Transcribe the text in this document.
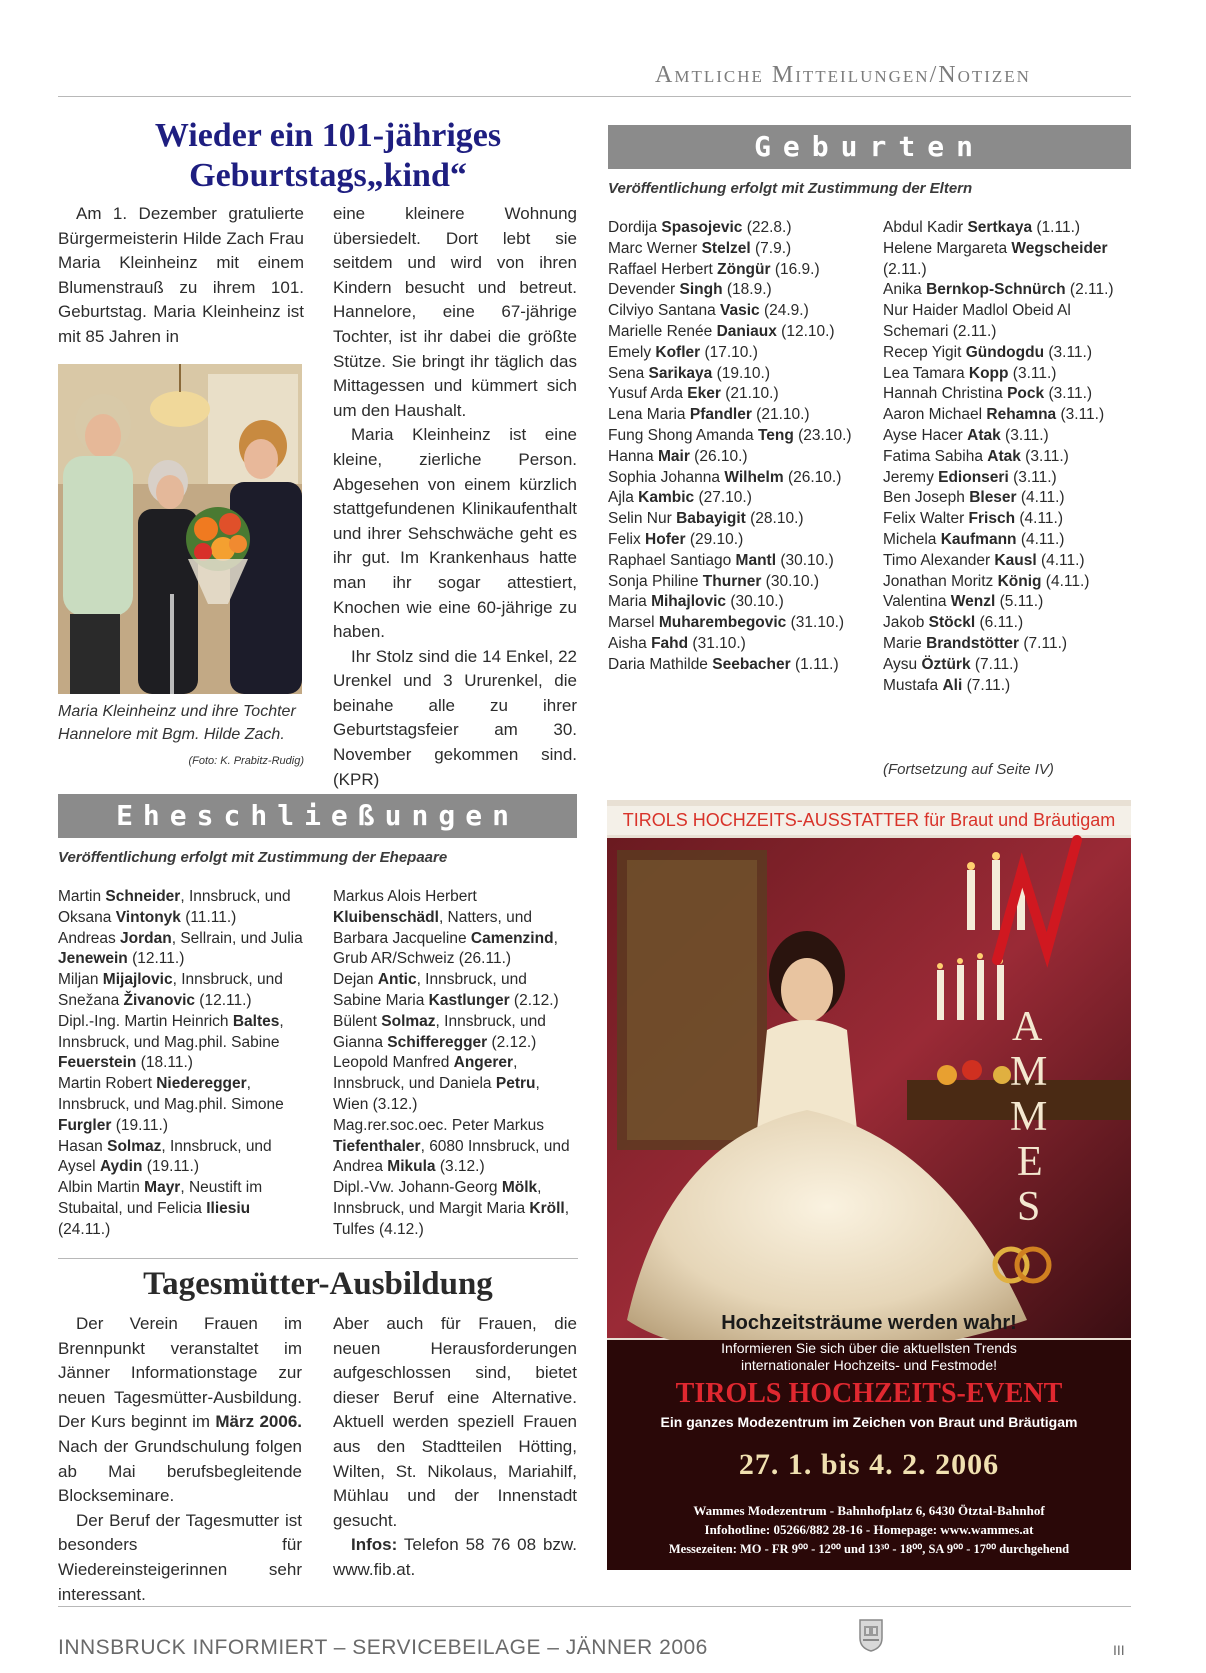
Amtliche Mitteilungen/Notizen
Wieder ein 101-jähriges
Geburtstags„kind“

Am 1. Dezember gratulierte Bürgermeisterin Hilde Zach Frau Maria Kleinheinz mit einem Blumenstrauß zu ihrem 101. Geburtstag. Maria Kleinheinz ist mit 85 Jahren in

Maria Kleinheinz und ihre Tochter Hannelore mit Bgm. Hilde Zach.
(Foto: K. Prabitz-Rudig)

eine kleinere Wohnung übersiedelt. Dort lebt sie seitdem und wird von ihren Kindern besucht und betreut. Hannelore, eine 67-jährige Tochter, ist ihr dabei die größte Stütze. Sie bringt ihr täglich das Mittagessen und kümmert sich um den Haushalt.

Maria Kleinheinz ist eine kleine, zierliche Person. Abgesehen von einem kürzlich stattgefundenen Klinikaufenthalt und ihrer Sehschwäche geht es ihr gut. Im Krankenhaus hatte man ihr sogar attestiert, Knochen wie eine 60-jährige zu haben.

Ihr Stolz sind die 14 Enkel, 22 Urenkel und 3 Ururenkel, die beinahe alle zu ihrer Geburtstagsfeier am 30. November gekommen sind. (KPR)

Geburten
Veröffentlichung erfolgt mit Zustimmung der Eltern
Dordija Spasojevic (22.8.)
Marc Werner Stelzel (7.9.)
Raffael Herbert Zöngür (16.9.)
Devender Singh (18.9.)
Cilviyo Santana Vasic (24.9.)
Marielle Renée Daniaux (12.10.)
Emely Kofler (17.10.)
Sena Sarikaya (19.10.)
Yusuf Arda Eker (21.10.)
Lena Maria Pfandler (21.10.)
Fung Shong Amanda Teng (23.10.)
Hanna Mair (26.10.)
Sophia Johanna Wilhelm (26.10.)
Ajla Kambic (27.10.)
Selin Nur Babayigit (28.10.)
Felix Hofer (29.10.)
Raphael Santiago Mantl (30.10.)
Sonja Philine Thurner (30.10.)
Maria Mihajlovic (30.10.)
Marsel Muharembegovic (31.10.)
Aisha Fahd (31.10.)
Daria Mathilde Seebacher (1.11.)
Abdul Kadir Sertkaya (1.11.)
Helene Margareta Wegscheider (2.11.)
Anika Bernkop-Schnürch (2.11.)
Nur Haider Madlol Obeid Al Schemari (2.11.)
Recep Yigit Gündogdu (3.11.)
Lea Tamara Kopp (3.11.)
Hannah Christina Pock (3.11.)
Aaron Michael Rehamna (3.11.)
Ayse Hacer Atak (3.11.)
Fatima Sabiha Atak (3.11.)
Jeremy Edionseri (3.11.)
Ben Joseph Bleser (4.11.)
Felix Walter Frisch (4.11.)
Michela Kaufmann (4.11.)
Timo Alexander Kausl (4.11.)
Jonathan Moritz König (4.11.)
Valentina Wenzl (5.11.)
Jakob Stöckl (6.11.)
Marie Brandstötter (7.11.)
Aysu Öztürk (7.11.)
Mustafa Ali (7.11.)
(Fortsetzung auf Seite IV)
Eheschließungen
Veröffentlichung erfolgt mit Zustimmung der Ehepaare
Martin Schneider, Innsbruck, und Oksana Vintonyk (11.11.)
Andreas Jordan, Sellrain, und Julia Jenewein (12.11.)
Miljan Mijajlovic, Innsbruck, und Snežana Živanovic (12.11.)
Dipl.-Ing. Martin Heinrich Baltes, Innsbruck, und Mag.phil. Sabine Feuerstein (18.11.)
Martin Robert Niederegger, Innsbruck, und Mag.phil. Simone Furgler (19.11.)
Hasan Solmaz, Innsbruck, und Aysel Aydin (19.11.)
Albin Martin Mayr, Neustift im Stubaital, und Felicia Iliesiu (24.11.)
Markus Alois Herbert Kluibenschädl, Natters, und Barbara Jacqueline Camenzind, Grub AR/Schweiz (26.11.)
Dejan Antic, Innsbruck, und Sabine Maria Kastlunger (2.12.)
Bülent Solmaz, Innsbruck, und Gianna Schifferegger (2.12.)
Leopold Manfred Angerer, Innsbruck, und Daniela Petru, Wien (3.12.)
Mag.rer.soc.oec. Peter Markus Tiefenthaler, 6080 Innsbruck, und Andrea Mikula (3.12.)
Dipl.-Vw. Johann-Georg Mölk, Innsbruck, und Margit Maria Kröll, Tulfes (4.12.)
Tagesmütter-Ausbildung

Der Verein Frauen im Brennpunkt veranstaltet im Jänner Informationstage zur neuen Tagesmütter-Ausbildung. Der Kurs beginnt im März 2006. Nach der Grundschulung folgen ab Mai berufsbegleitende Blockseminare.

Der Beruf der Tagesmutter ist besonders für Wiedereinsteigerinnen sehr interessant.

Aber auch für Frauen, die neuen Herausforderungen aufgeschlossen sind, bietet dieser Beruf eine Alternative. Aktuell werden speziell Frauen aus den Stadtteilen Hötting, Wilten, St. Nikolaus, Mariahilf, Mühlau und der Innenstadt gesucht.

Infos: Telefon 58 76 08 bzw. www.fib.at.

A
M
M
E
S
TIROLS HOCHZEITS-AUSSTATTER für Braut und Bräutigam
Hochzeitsträume werden wahr!
Informieren Sie sich über die aktuellsten Trends
internationaler Hochzeits- und Festmode!
TIROLS HOCHZEITS-EVENT
Ein ganzes Modezentrum im Zeichen von Braut und Bräutigam
27. 1. bis 4. 2. 2006
Wammes Modezentrum - Bahnhofplatz 6, 6430 Ötztal-Bahnhof
Infohotline: 05266/882 28-16 - Homepage: www.wammes.at
Messezeiten: MO - FR 9⁰⁰ - 12⁰⁰ und 13³⁰ - 18⁰⁰, SA 9⁰⁰ - 17⁰⁰ durchgehend
INNSBRUCK INFORMIERT – SERVICEBEILAGE – JÄNNER 2006	III
